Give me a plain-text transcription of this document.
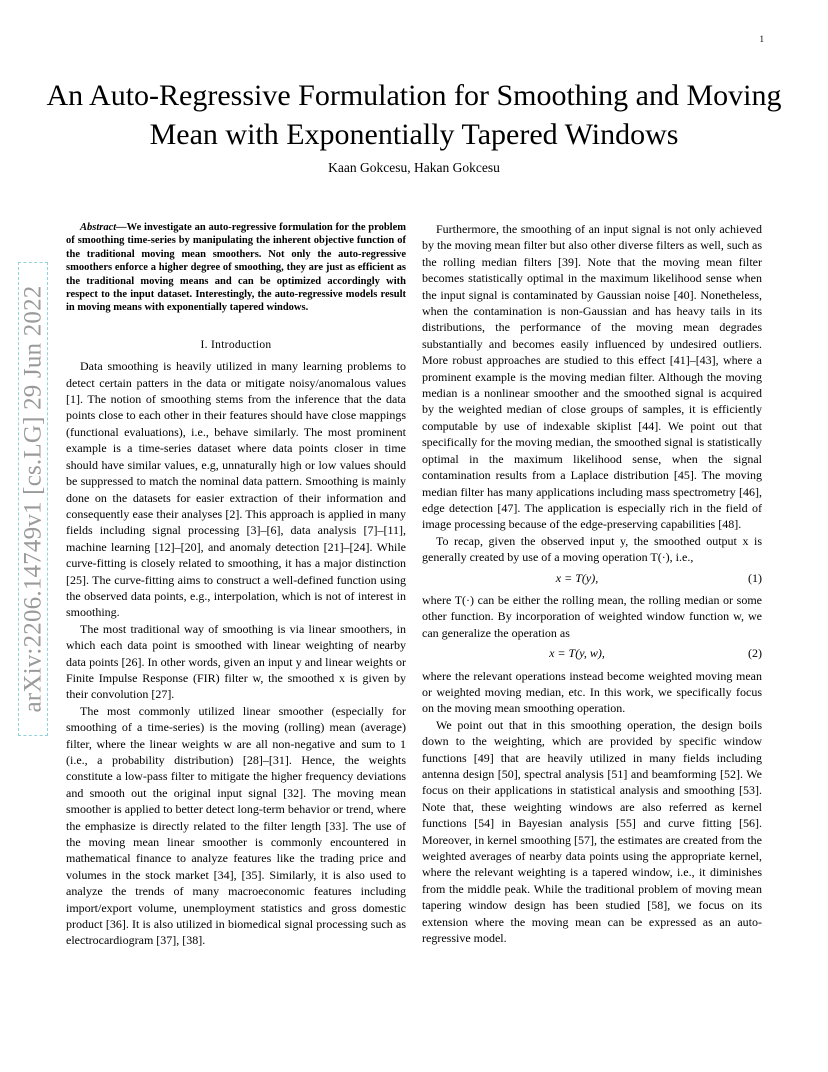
1
arXiv:2206.14749v1 [cs.LG] 29 Jun 2022
An Auto-Regressive Formulation for Smoothing and Moving Mean with Exponentially Tapered Windows
Kaan Gokcesu, Hakan Gokcesu
Abstract—We investigate an auto-regressive formulation for the problem of smoothing time-series by manipulating the inherent objective function of the traditional moving mean smoothers. Not only the auto-regressive smoothers enforce a higher degree of smoothing, they are just as efficient as the traditional moving means and can be optimized accordingly with respect to the input dataset. Interestingly, the auto-regressive models result in moving means with exponentially tapered windows.
I. Introduction

Data smoothing is heavily utilized in many learning problems to detect certain patters in the data or mitigate noisy/anomalous values [1]. The notion of smoothing stems from the inference that the data points close to each other in their features should have close mappings (functional evaluations), i.e., behave similarly. The most prominent example is a time-series dataset where data points closer in time should have similar values, e.g, unnaturally high or low values should be suppressed to match the nominal data pattern. Smoothing is mainly done on the datasets for easier extraction of their information and consequently ease their analyses [2]. This approach is applied in many fields including signal processing [3]–[6], data analysis [7]–[11], machine learning [12]–[20], and anomaly detection [21]–[24]. While curve-fitting is closely related to smoothing, it has a major distinction [25]. The curve-fitting aims to construct a well-defined function using the observed data points, e.g., interpolation, which is not of interest in smoothing.

The most traditional way of smoothing is via linear smoothers, in which each data point is smoothed with linear weighting of nearby data points [26]. In other words, given an input y and linear weights or Finite Impulse Response (FIR) filter w, the smoothed x is given by their convolution [27].

The most commonly utilized linear smoother (especially for smoothing of a time-series) is the moving (rolling) mean (average) filter, where the linear weights w are all non-negative and sum to 1 (i.e., a probability distribution) [28]–[31]. Hence, the weights constitute a low-pass filter to mitigate the higher frequency deviations and smooth out the original input signal [32]. The moving mean smoother is applied to better detect long-term behavior or trend, where the emphasize is directly related to the filter length [33]. The use of the moving mean linear smoother is commonly encountered in mathematical finance to analyze features like the trading price and volumes in the stock market [34], [35]. Similarly, it is also used to analyze the trends of many macroeconomic features including import/export volume, unemployment statistics and gross domestic product [36]. It is also utilized in biomedical signal processing such as electrocardiogram [37], [38].

Furthermore, the smoothing of an input signal is not only achieved by the moving mean filter but also other diverse filters as well, such as the rolling median filters [39]. Note that the moving mean filter becomes statistically optimal in the maximum likelihood sense when the input signal is contaminated by Gaussian noise [40]. Nonetheless, when the contamination is non-Gaussian and has heavy tails in its distributions, the performance of the moving mean degrades substantially and becomes easily influenced by undesired outliers. More robust approaches are studied to this effect [41]–[43], where a prominent example is the moving median filter. Although the moving median is a nonlinear smoother and the smoothed signal is acquired by the weighted median of close groups of samples, it is efficiently computable by use of indexable skiplist [44]. We point out that specifically for the moving median, the smoothed signal is statistically optimal in the maximum likelihood sense, when the signal contamination results from a Laplace distribution [45]. The moving median filter has many applications including mass spectrometry [46], edge detection [47]. The application is especially rich in the field of image processing because of the edge-preserving capabilities [48].

To recap, given the observed input y, the smoothed output x is generally created by use of a moving operation T(·), i.e.,

x = T(y),	(1)

where T(·) can be either the rolling mean, the rolling median or some other function. By incorporation of weighted window function w, we can generalize the operation as

x = T(y, w),	(2)

where the relevant operations instead become weighted moving mean or weighted moving median, etc. In this work, we specifically focus on the moving mean smoothing operation.

We point out that in this smoothing operation, the design boils down to the weighting, which are provided by specific window functions [49] that are heavily utilized in many fields including antenna design [50], spectral analysis [51] and beamforming [52]. We focus on their applications in statistical analysis and smoothing [53]. Note that, these weighting windows are also referred as kernel functions [54] in Bayesian analysis [55] and curve fitting [56]. Moreover, in kernel smoothing [57], the estimates are created from the weighted averages of nearby data points using the appropriate kernel, where the relevant weighting is a tapered window, i.e., it diminishes from the middle peak. While the traditional problem of moving mean tapering window design has been studied [58], we focus on its extension where the moving mean can be expressed as an auto-regressive model.
